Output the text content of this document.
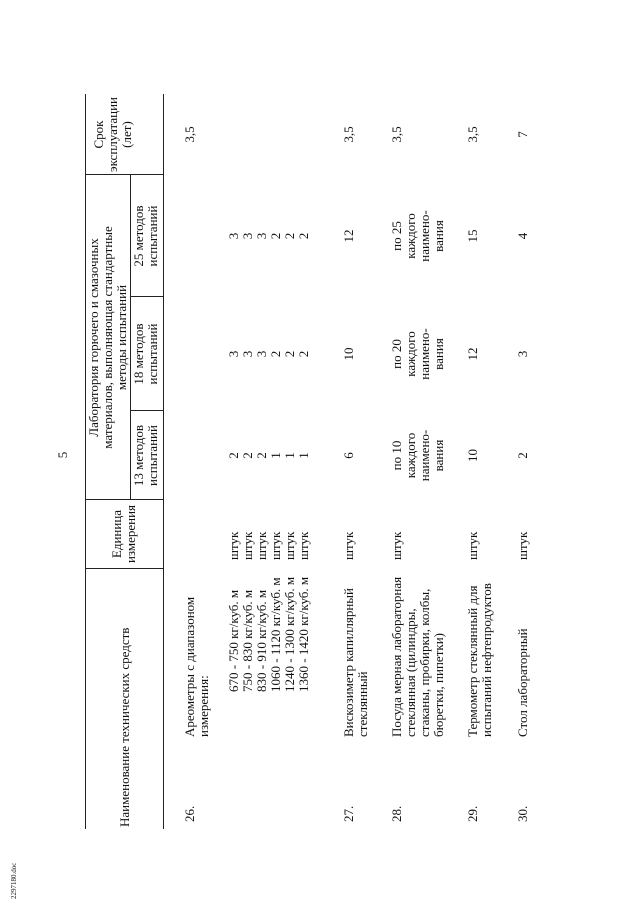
5
Наименование технических средств
Единица измерения
Лаборатория горючего и смазочных материалов, выполняющая стандартные методы испытаний
13 методов испытаний
18 методов испытаний
25 методов испытаний
Срок эксплуатации (лет)
26.
Ареометры с диапазоном измерения:
670 - 750 кг/куб. м 750 - 830 кг/куб. м 830 - 910 кг/куб. м 1060 - 1120 кг/куб. м 1240 - 1300 кг/куб. м 1360 - 1420 кг/куб. м
штук штук штук штук штук штук
2 2 2 1 1 1
3 3 3 2 2 2
3 3 3 2 2 2
3,5
27.
Вискозиметр капиллярный стеклянный
штук
6
10
12
3,5
28.
Посуда мерная лабораторная стеклянная (цилиндры, стаканы, пробирки, колбы, бюретки, пипетки)
штук
по 10 каждого наимено- вания
по 20 каждого наимено- вания
по 25 каждого наимено- вания
3,5
29.
Термометр стеклянный для испытаний нефтепродуктов
штук
10
12
15
3,5
30.
Стол лабораторный
штук
2
3
4
7
2297180.doc
